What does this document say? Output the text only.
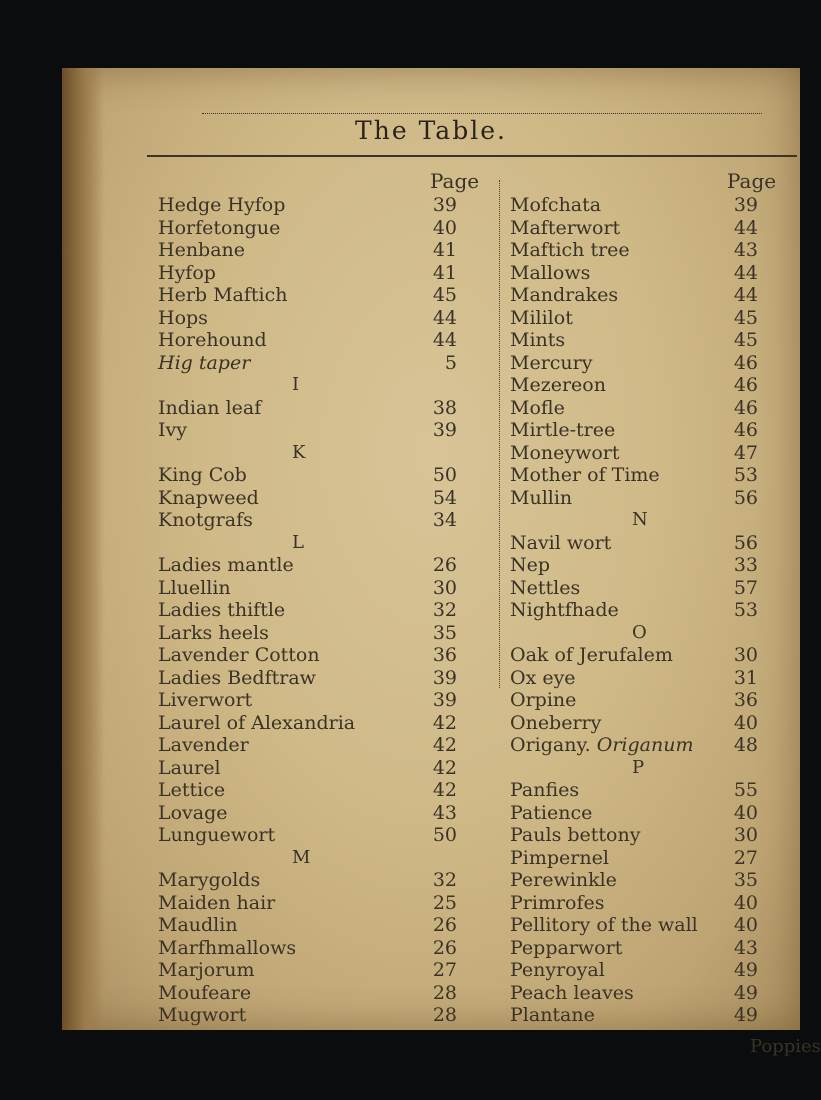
The Table.
Page	Page
Hedge Hyfop	39
Horfetongue	40
Henbane	41
Hyfop	41
Herb Maftich	45
Hops	44
Horehound	44
Hig taper	5
I
Indian leaf	38
Ivy	39
K
King Cob	50
Knapweed	54
Knotgrafs	34
L
Ladies mantle	26
Lluellin	30
Ladies thiftle	32
Larks heels	35
Lavender Cotton	36
Ladies Bedftraw	39
Liverwort	39
Laurel of Alexandria	42
Lavender	42
Laurel	42
Lettice	42
Lovage	43
Lunguewort	50
M
Marygolds	32
Maiden hair	25
Maudlin	26
Marfhmallows	26
Marjorum	27
Moufeare	28
Mugwort	28
Mofchata	39
Mafterwort	44
Maftich tree	43
Mallows	44
Mandrakes	44
Mililot	45
Mints	45
Mercury	46
Mezereon	46
Mofle	46
Mirtle-tree	46
Moneywort	47
Mother of Time	53
Mullin	56
N
Navil wort	56
Nep	33
Nettles	57
Nightfhade	53
O
Oak of Jerufalem	30
Ox eye	31
Orpine	36
Oneberry	40
Origany. Origanum	48
P
Panfies	55
Patience	40
Pauls bettony	30
Pimpernel	27
Perewinkle	35
Primrofes	40
Pellitory of the wall	40
Pepparwort	43
Penyroyal	49
Peach leaves	49
Plantane	49
Poppies
